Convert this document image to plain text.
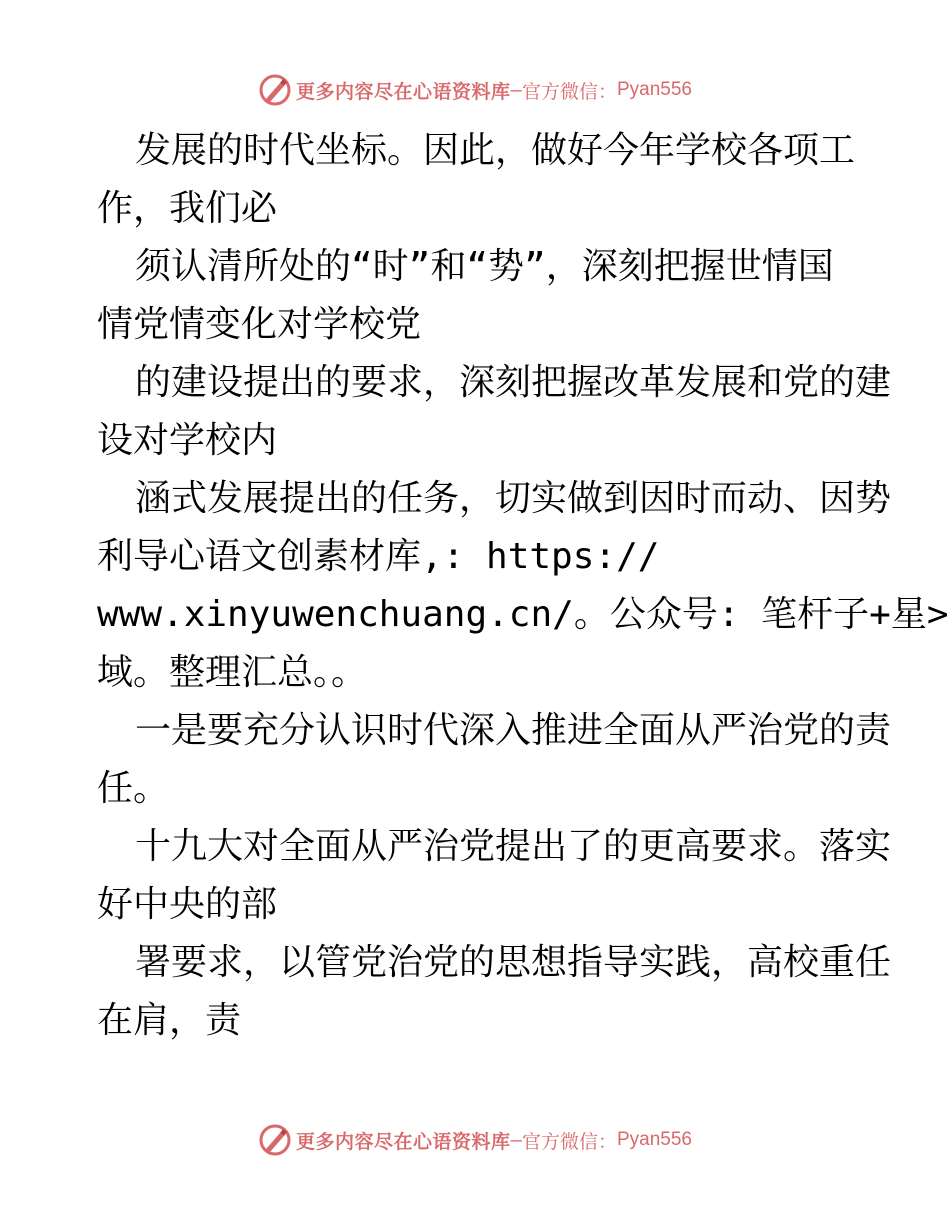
更多内容尽在心语资料库 — 官方微信： Pyan556
发展的时代坐标。因此，做好今年学校各项工
作，我们必
须认清所处的“时”和“势”，深刻把握世情国
情党情变化对学校党
的建设提出的要求，深刻把握改革发展和党的建
设对学校内
涵式发展提出的任务，切实做到因时而动、因势
利导心语文创素材库,: https://
www.xinyuwenchuang.cn/。公众号: 笔杆子+星>
域。整理汇总。。
一是要充分认识时代深入推进全面从严治党的责
任。
十九大对全面从严治党提出了的更高要求。落实
好中央的部
署要求，以管党治党的思想指导实践，高校重任
在肩，责
更多内容尽在心语资料库 — 官方微信： Pyan556
